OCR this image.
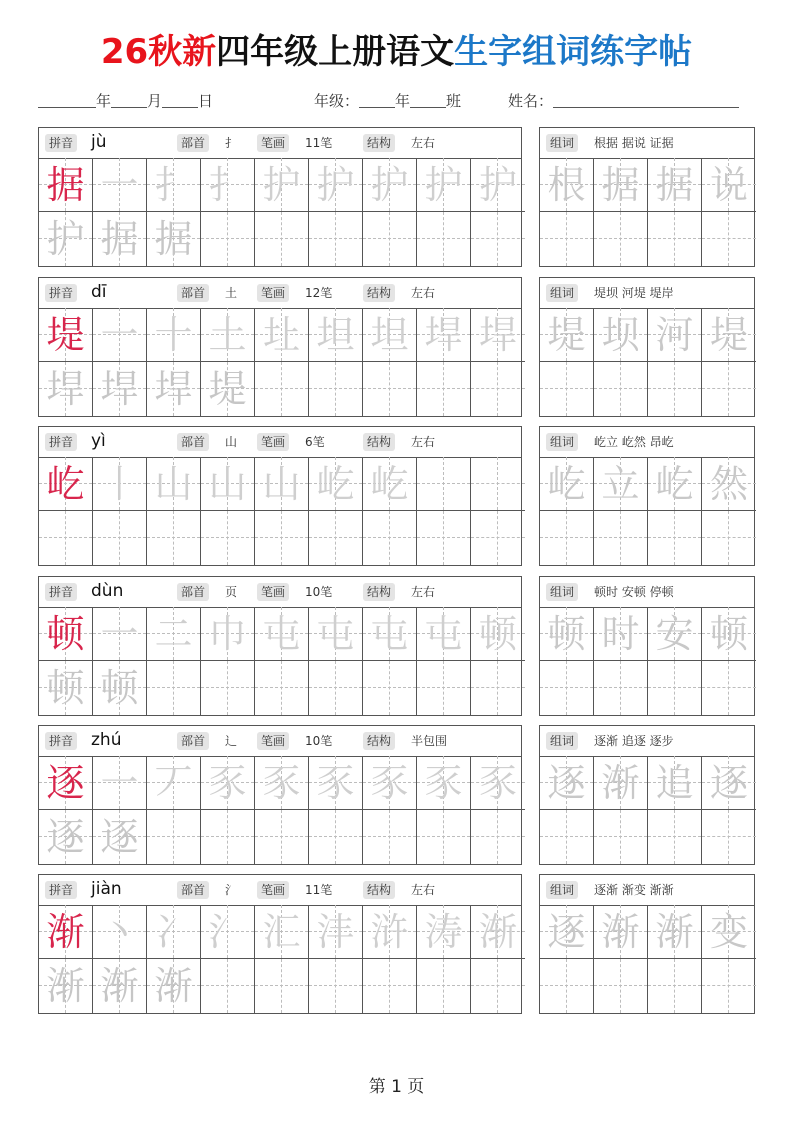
26秋新四年级上册语文生字组词练字帖
年 月 日	年级： 年 班	姓名：
拼音 jù	部首	扌	笔画	11笔	结构	左右
据 一 扌 扌 护 护 护 护 护
护 据 据
组词	根据 据说 证据
根 据 据 说
拼音 dī	部首	土	笔画	12笔	结构	左右
堤 一 十 土 圵 坦 坦 垾 垾
垾 垾 垾 堤
组词	堤坝 河堤 堤岸
堤 坝 河 堤
拼音 yì	部首	山	笔画	6笔	结构	左右
屹 丨 山 山 山 屹 屹
组词	屹立 屹然 昂屹
屹 立 屹 然
拼音 dùn	部首	页	笔画	10笔	结构	左右
顿 一 二 巾 屯 屯 屯 屯 顿
顿 顿
组词	顿时 安顿 停顿
顿 时 安 顿
拼音 zhú	部首	辶	笔画	10笔	结构	半包围
逐 一 丆 豕 豕 豕 豕 豕 豕
逐 逐
组词	逐渐 追逐 逐步
逐 渐 追 逐
拼音 jiàn	部首	氵	笔画	11笔	结构	左右
渐 丶 冫 氵 汇 沣 浒 涛 渐
渐 渐 渐
组词	逐渐 渐变 渐渐
逐 渐 渐 变
第 1 页
